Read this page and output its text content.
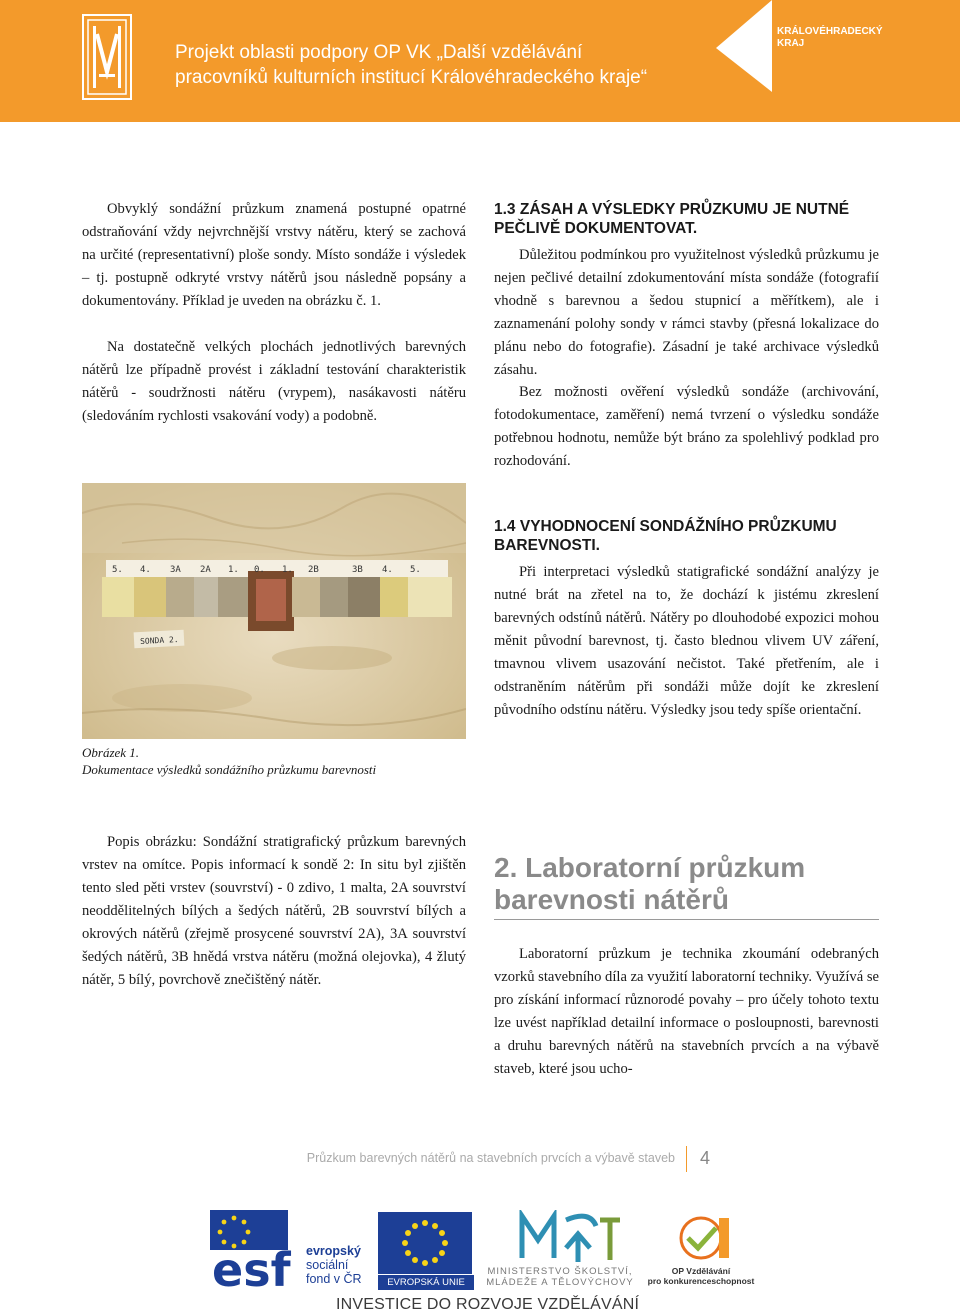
Projekt oblasti podpory OP VK „Další vzdělávání
pracovníků kulturních institucí Královéhradeckého kraje“
KRÁLOVÉHRADECKÝ
KRAJ

Obvyklý sondážní průzkum znamená postupné opatrné odstraňování vždy nejvrchnější vrstvy nátěru, který se zachová na určité (representativní) ploše sondy. Místo sondáže i výsledek – tj. postupně odkryté vrstvy nátěrů jsou následně popsány a dokumentovány. Příklad je uveden na obrázku č. 1.

Na dostatečně velkých plochách jednotlivých barevných nátěrů lze případně provést i základní testování charakteristik nátěrů - soudržnosti nátěru (vrypem), nasákavosti nátěru (sledováním rychlosti vsakování vody) a podobně.

1.3 ZÁSAH A VÝSLEDKY PRŮZKUMU JE NUTNÉ PEČLIVĚ DOKUMENTOVAT.

Důležitou podmínkou pro využitelnost výsledků průzkumu je nejen pečlivé detailní zdokumentování místa sondáže (fotografií vhodně s barevnou a šedou stupnicí a měřítkem), ale i zaznamenání polohy sondy v rámci stavby (přesná lokalizace do plánu nebo do fotografie). Zásadní je také archivace výsledků zásahu.

Bez možnosti ověření výsledků sondáže (archivování, fotodokumentace, zaměření) nemá tvrzení o výsledku sondáže potřebnou hodnotu, nemůže být bráno za spolehlivý podklad pro rozhodování.

1.4 VYHODNOCENÍ SONDÁŽNÍHO PRŮZKUMU BAREVNOSTI.

Při interpretaci výsledků statigrafické sondážní analýzy je nutné brát na zřetel na to, že dochází k jistému zkreslení barevných odstínů nátěrů. Nátěry po dlouhodobé expozici mohou měnit původní barevnost, tj. často blednou vlivem UV záření, tmavnou vlivem usazování nečistot. Také přetřením, ale i odstraněním nátěrům při sondáži může dojít ke zkreslení původního odstínu nátěru. Výsledky jsou tedy spíše orientační.

5. 4. 3A 2A 1. 0. 1. 2B	3B 4. 5.
SONDA 2.
Obrázek 1.
Dokumentace výsledků sondážního průzkumu barevnosti

Popis obrázku: Sondážní stratigrafický průzkum barevných vrstev na omítce. Popis informací k sondě 2: In situ byl zjištěn tento sled pěti vrstev (souvrství) - 0 zdivo, 1 malta, 2A souvrství neoddělitelných bílých a šedých nátěrů, 2B souvrství bílých a okrových nátěrů (zřejmě prosycené souvrství 2A), 3A souvrství šedých nátěrů, 3B hnědá vrstva nátěru (možná olejovka), 4 žlutý nátěr, 5 bílý, povrchově znečištěný nátěr.

2. Laboratorní průzkum
barevnosti nátěrů

Laboratorní průzkum je technika zkoumání odebraných vzorků stavebního díla za využití laboratorní techniky. Využívá se pro získání informací různorodé povahy – pro účely tohoto textu lze uvést například detailní informace o posloupnosti, barevnosti a druhu barevných nátěrů na stavebních prvcích a na výbavě staveb, které jsou ucho-

Průzkum barevných nátěrů na stavebních prvcích a výbavě staveb 4
esf evropský
sociální
fond v ČR	EVROPSKÁ UNIE
MINISTERSTVO ŠKOLSTVÍ,
MLÁDEŽE A TĚLOVÝCHOVY
OP Vzdělávání
pro konkurenceschopnost
INVESTICE DO ROZVOJE VZDĚLÁVÁNÍ
